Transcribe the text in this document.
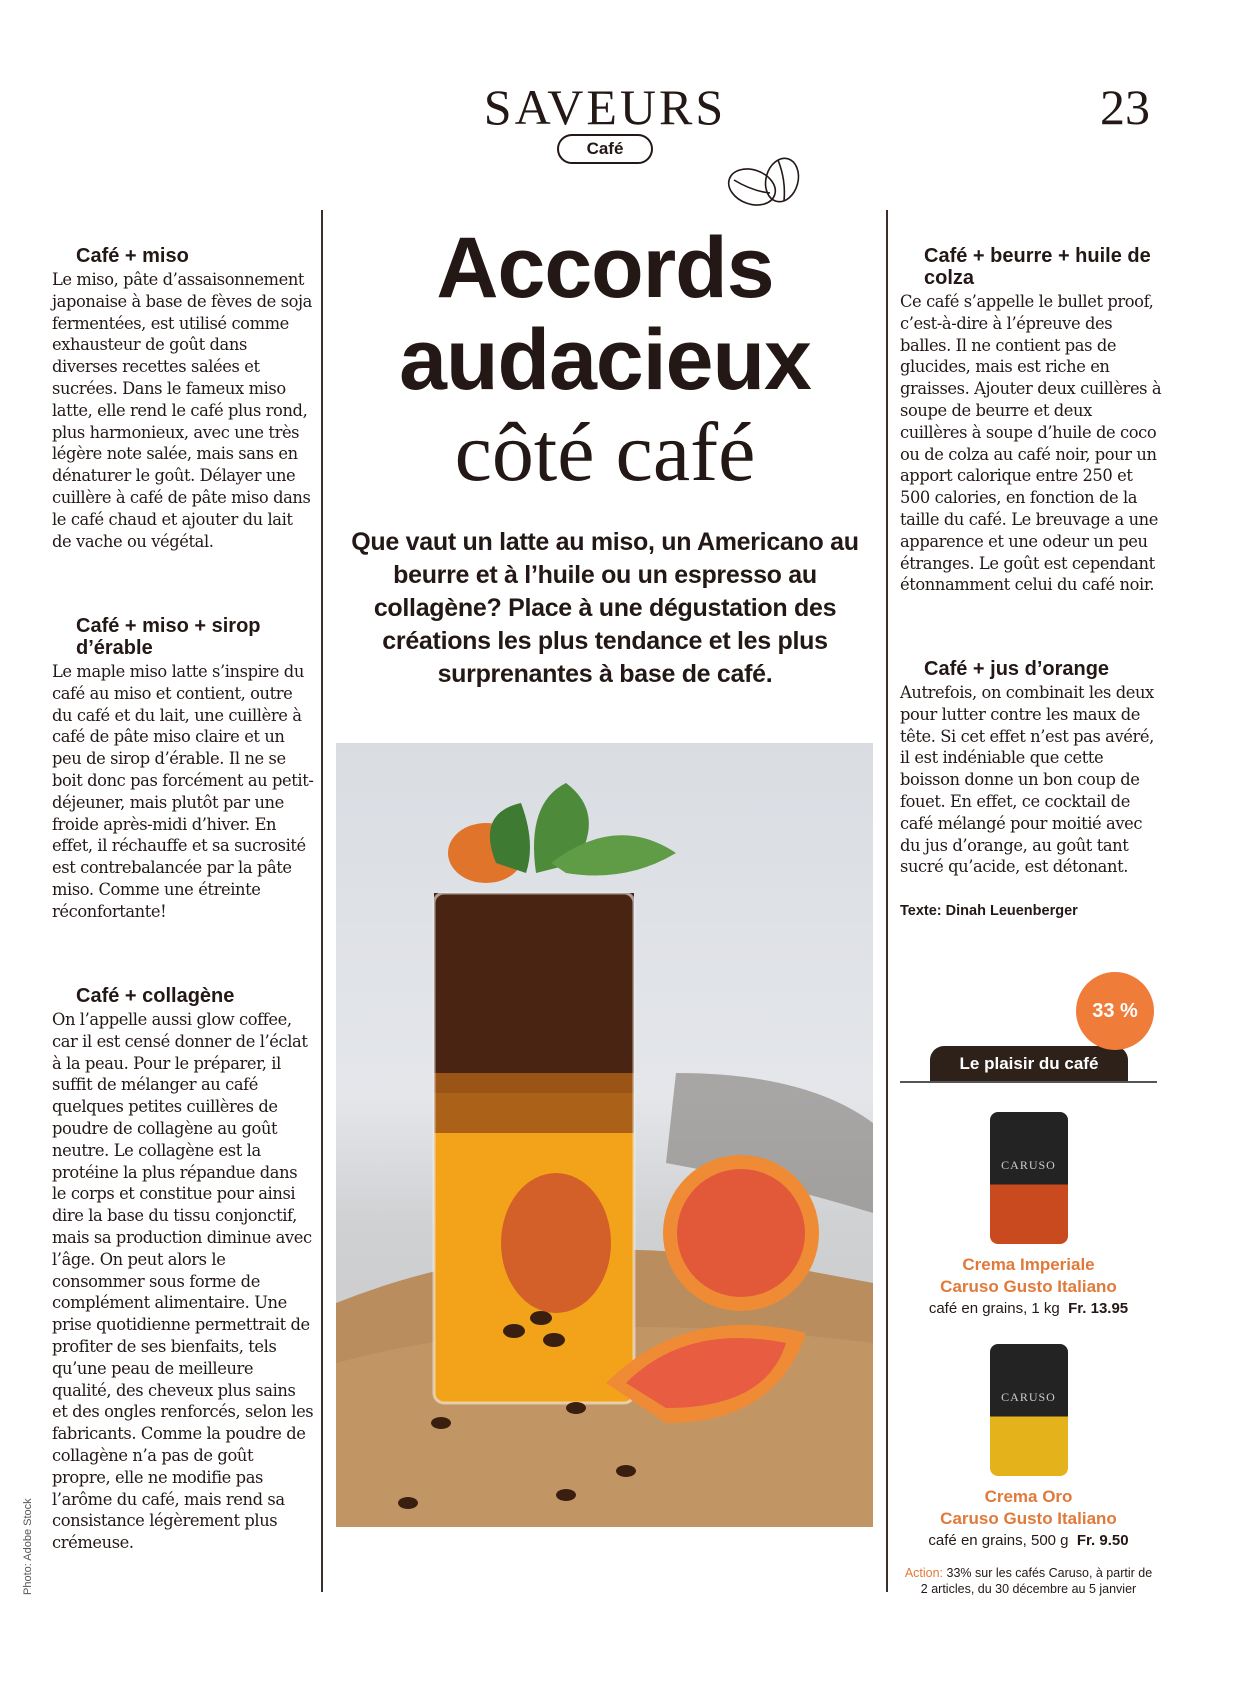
SAVEURS
Café
23
Café + miso

Le miso, pâte d’assaisonnement japonaise à base de fèves de soja fermentées, est utilisé comme exhausteur de goût dans diverses recettes salées et sucrées. Dans le fameux miso latte, elle rend le café plus rond, plus harmonieux, avec une très légère note salée, mais sans en dénaturer le goût. Délayer une cuillère à café de pâte miso dans le café chaud et ajouter du lait de vache ou végétal.

Café + miso + sirop d’érable

Le maple miso latte s’inspire du café au miso et contient, outre du café et du lait, une cuillère à café de pâte miso claire et un peu de sirop d’érable. Il ne se boit donc pas forcément au petit-déjeuner, mais plutôt par une froide après-midi d’hiver. En effet, il réchauffe et sa sucrosité est contrebalancée par la pâte miso. Comme une étreinte réconfortante!

Café + collagène

On l’appelle aussi glow coffee, car il est censé donner de l’éclat à la peau. Pour le préparer, il suffit de mélanger au café quelques petites cuillères de poudre de collagène au goût neutre. Le collagène est la protéine la plus répandue dans le corps et constitue pour ainsi dire la base du tissu conjonctif, mais sa production diminue avec l’âge. On peut alors le consommer sous forme de complément alimentaire. Une prise quotidienne permettrait de profiter de ses bienfaits, tels qu’une peau de meilleure qualité, des cheveux plus sains et des ongles renforcés, selon les fabricants. Comme la poudre de collagène n’a pas de goût propre, elle ne modifie pas l’arôme du café, mais rend sa consistance légèrement plus crémeuse.

Accords
audacieux
côté café
Que vaut un latte au miso, un Americano au beurre et à l’huile ou un espresso au collagène? Place à une dégustation des créations les plus tendance et les plus surprenantes à base de café.
Photo: Adobe Stock
Café + beurre + huile de colza

Ce café s’appelle le bullet proof, c’est-à-dire à l’épreuve des balles. Il ne contient pas de glucides, mais est riche en graisses. Ajouter deux cuillères à soupe de beurre et deux cuillères à soupe d’huile de coco ou de colza au café noir, pour un apport calorique entre 250 et 500 calories, en fonction de la taille du café. Le breuvage a une apparence et une odeur un peu étranges. Le goût est cependant étonnamment celui du café noir.

Café + jus d’orange

Autrefois, on combinait les deux pour lutter contre les maux de tête. Si cet effet n’est pas avéré, il est indéniable que cette boisson donne un bon coup de fouet. En effet, ce cocktail de café mélangé pour moitié avec du jus d’orange, au goût tant sucré qu’acide, est détonant.

Texte: Dinah Leuenberger
Le plaisir du café
33 %
CARUSO
Crema Imperiale
Caruso Gusto Italiano
café en grains, 1 kg Fr. 13.95
CARUSO
Crema Oro
Caruso Gusto Italiano
café en grains, 500 g Fr. 9.50
Action: 33% sur les cafés Caruso, à partir de 2 articles, du 30 décembre au 5 janvier
